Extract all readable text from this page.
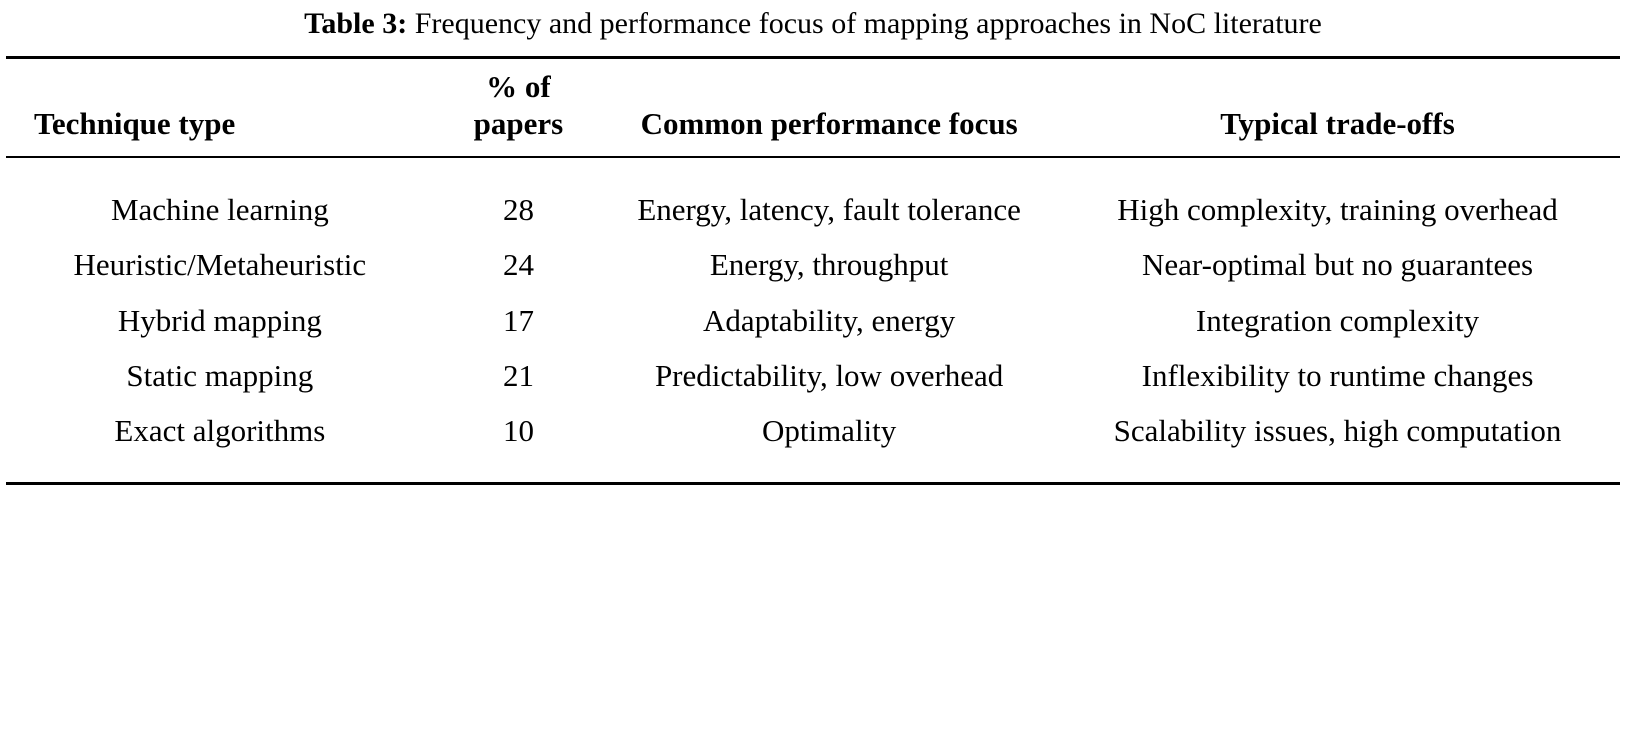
Table 3: Frequency and performance focus of mapping approaches in NoC literature
Technique type	% of papers	Common performance focus	Typical trade-offs

Machine learning	28	Energy, latency, fault tolerance	High complexity, training overhead
Heuristic/Metaheuristic	24	Energy, throughput	Near-optimal but no guarantees
Hybrid mapping	17	Adaptability, energy	Integration complexity
Static mapping	21	Predictability, low overhead	Inflexibility to runtime changes
Exact algorithms	10	Optimality	Scalability issues, high computation
